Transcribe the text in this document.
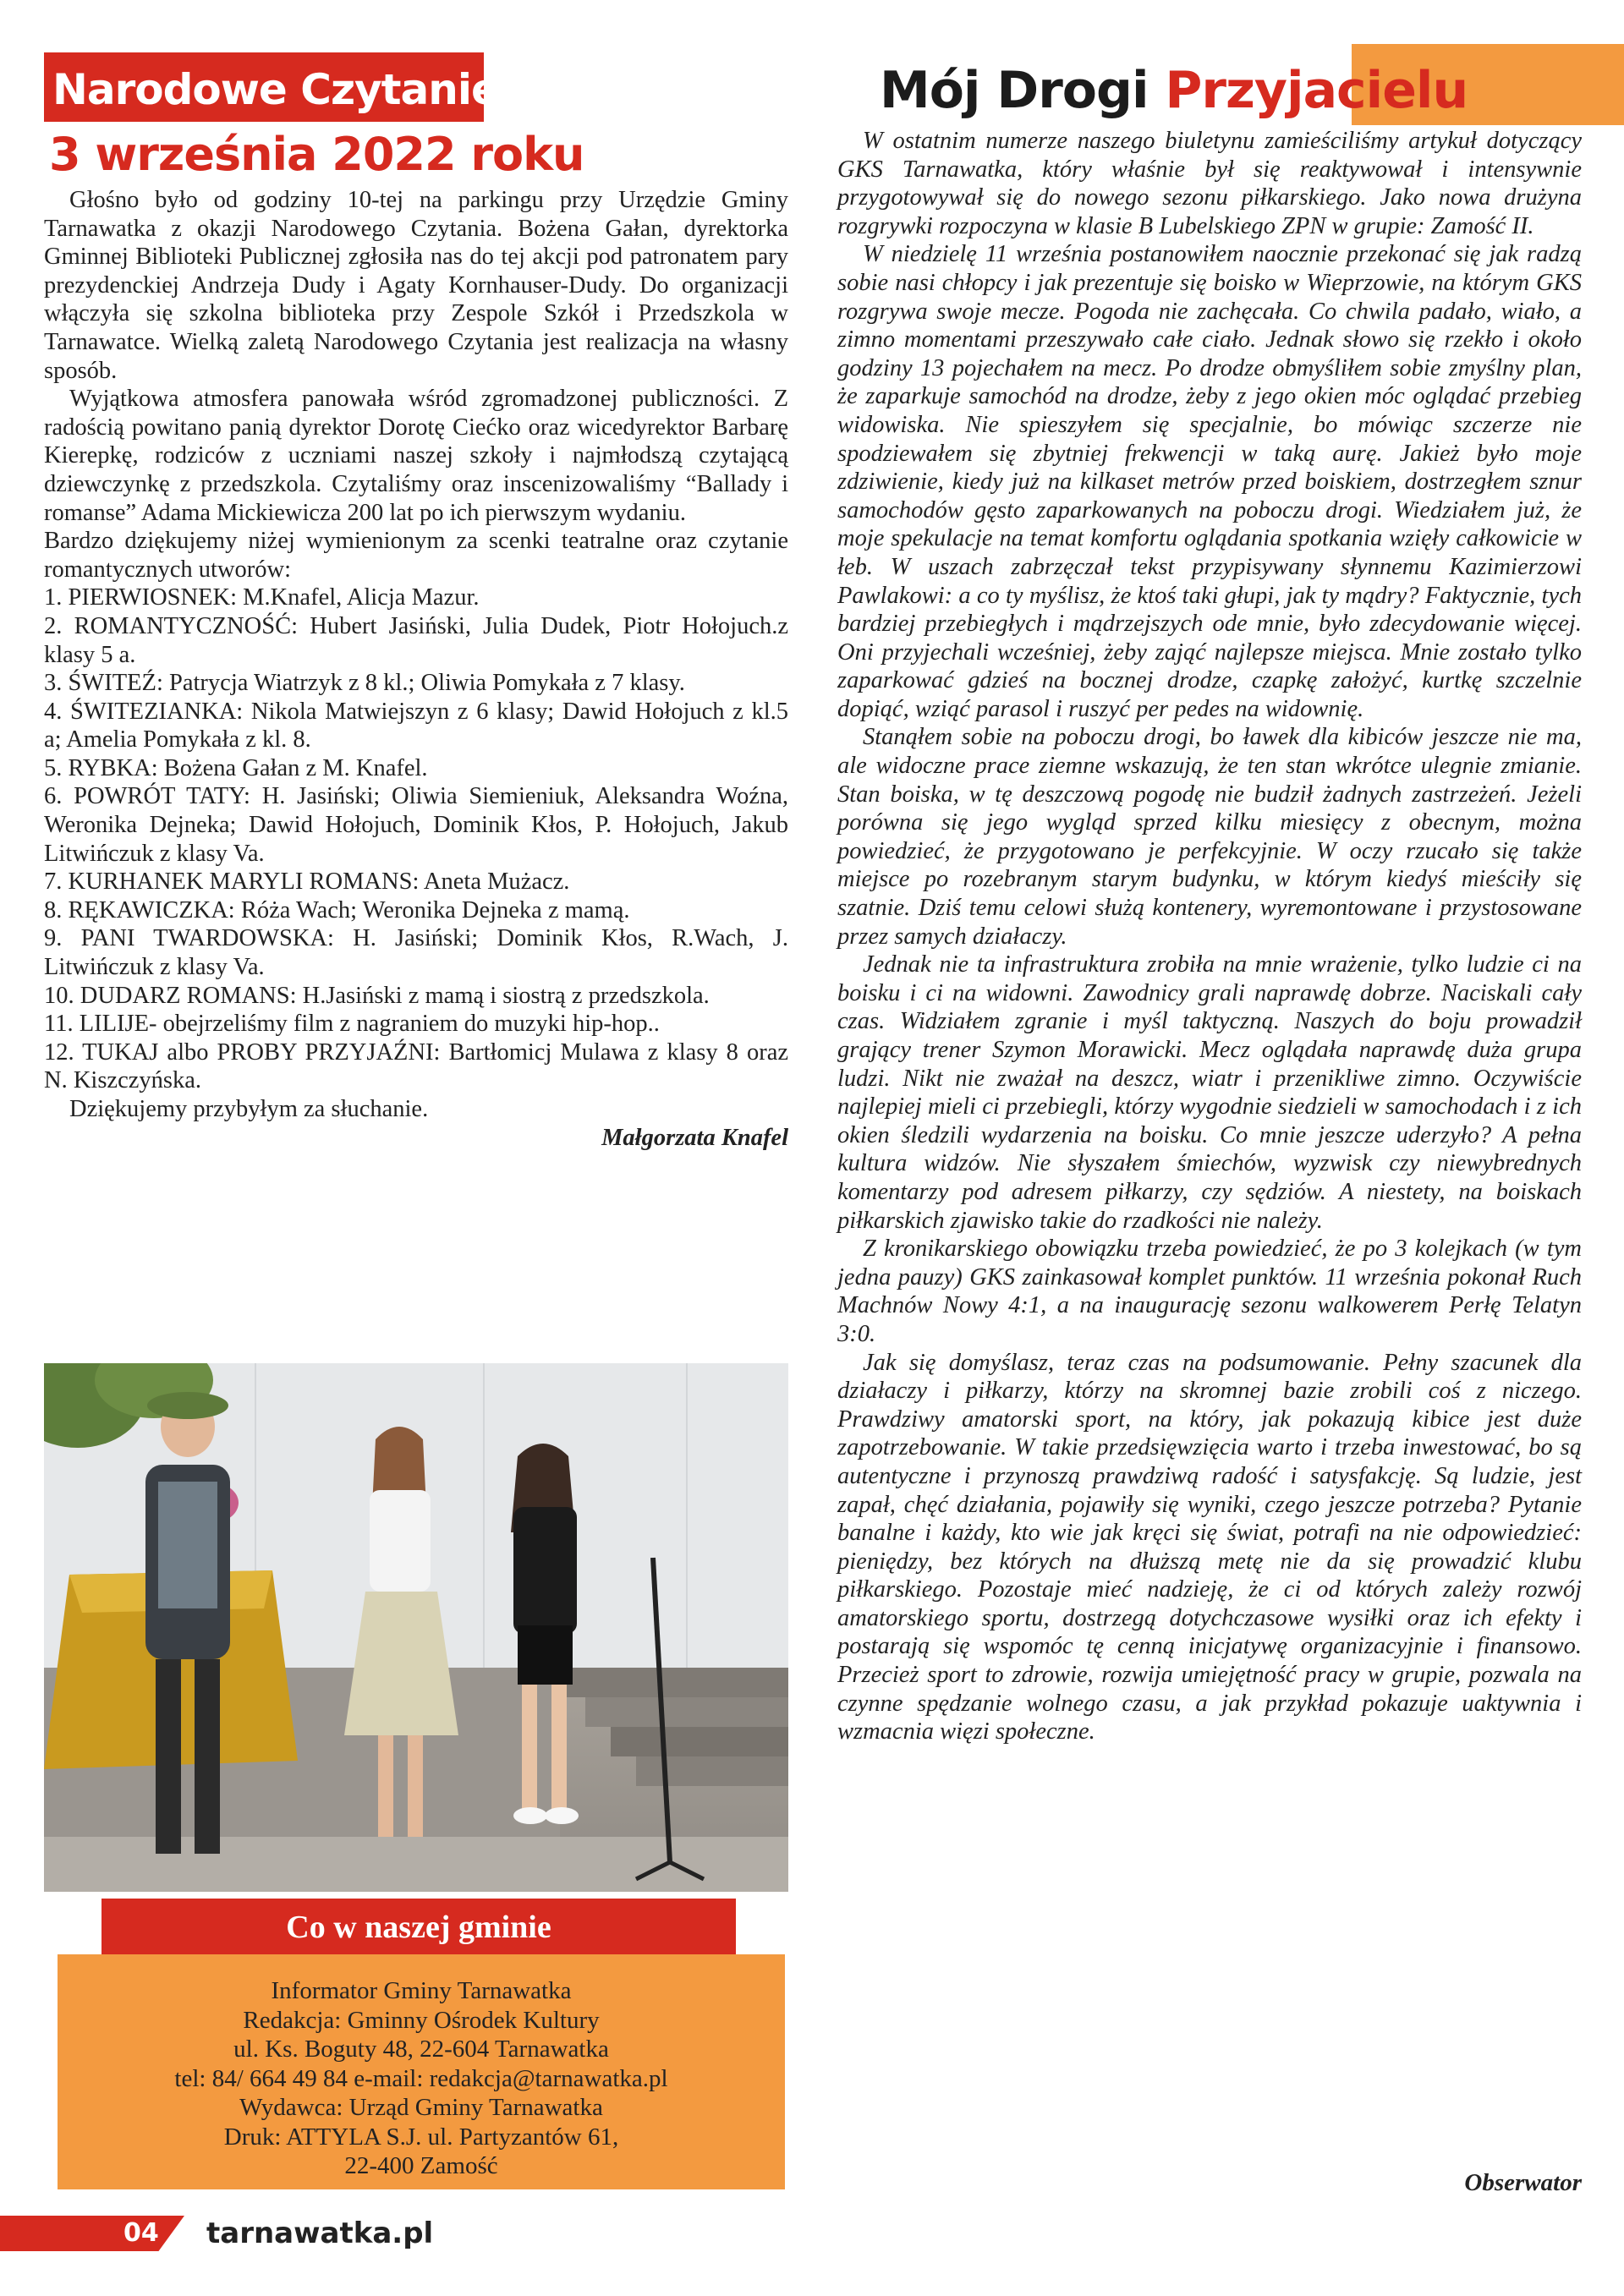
Narodowe Czytanie
3 września 2022 roku

Głośno było od godziny 10-tej na parkingu przy Urzędzie Gminy Tarnawatka z okazji Narodowego Czytania. Bożena Gałan, dyrektorka Gminnej Biblioteki Publicznej zgłosiła nas do tej akcji pod patronatem pary prezydenckiej Andrzeja Dudy i Agaty Kornhauser-Dudy. Do organizacji włączyła się szkolna biblioteka przy Zespole Szkół i Przedszkola w Tarnawatce. Wielką zaletą Narodowego Czytania jest realizacja na własny sposób.

Wyjątkowa atmosfera panowała wśród zgromadzonej publiczności. Z radością powitano panią dyrektor Dorotę Ciećko oraz wicedyrektor Barbarę Kierepkę, rodziców z uczniami naszej szkoły i najmłodszą czytającą dziewczynkę z przedszkola. Czytaliśmy oraz inscenizowaliśmy “Ballady i romanse” Adama Mickiewicza 200 lat po ich pierwszym wydaniu.

Bardzo dziękujemy niżej wymienionym za scenki teatralne oraz czytanie romantycznych utworów:

1. PIERWIOSNEK: M.Knafel, Alicja Mazur.

2. ROMANTYCZNOŚĆ: Hubert Jasiński, Julia Dudek, Piotr Hołojuch.z klasy 5 a.

3. ŚWITEŹ: Patrycja Wiatrzyk z 8 kl.; Oliwia Pomykała z 7 klasy.

4. ŚWITEZIANKA: Nikola Matwiejszyn z 6 klasy; Dawid Hołojuch z kl.5 a; Amelia Pomykała z kl. 8.

5. RYBKA: Bożena Gałan z M. Knafel.

6. POWRÓT TATY: H. Jasiński; Oliwia Siemieniuk, Aleksandra Woźna, Weronika Dejneka; Dawid Hołojuch, Dominik Kłos, P. Hołojuch, Jakub Litwińczuk z klasy Va.

7. KURHANEK MARYLI ROMANS: Aneta Mużacz.

8. RĘKAWICZKA: Róża Wach; Weronika Dejneka z mamą.

9. PANI TWARDOWSKA: H. Jasiński; Dominik Kłos, R.Wach, J. Litwińczuk z klasy Va.

10. DUDARZ ROMANS: H.Jasiński z mamą i siostrą z przedszkola.

11. LILIJE- obejrzeliśmy film z nagraniem do muzyki hip-hop..

12. TUKAJ albo PROBY PRZYJAŹNI: Bartłomicj Mulawa z klasy 8 oraz N. Kiszczyńska.

Dziękujemy przybyłym za słuchanie.

Małgorzata Knafel

Co w naszej gminie
Informator Gminy Tarnawatka
Redakcja: Gminny Ośrodek Kultury
ul. Ks. Boguty 48, 22-604 Tarnawatka
tel: 84/ 664 49 84 e-mail: redakcja@tarnawatka.pl
Wydawca: Urząd Gminy Tarnawatka
Druk: ATTYLA S.J. ul. Partyzantów 61,
22-400 Zamość
04 tarnawatka.pl
Mój Drogi Przyjacielu

W ostatnim numerze naszego biuletynu zamieściliśmy artykuł dotyczący GKS Tarnawatka, który właśnie był się reaktywował i intensywnie przygotowywał się do nowego sezonu piłkarskiego. Jako nowa drużyna rozgrywki rozpoczyna w klasie B Lubelskiego ZPN w grupie: Zamość II.

W niedzielę 11 września postanowiłem naocznie przekonać się jak radzą sobie nasi chłopcy i jak prezentuje się boisko w Wieprzowie, na którym GKS rozgrywa swoje mecze. Pogoda nie zachęcała. Co chwila padało, wiało, a zimno momentami przeszywało całe ciało. Jednak słowo się rzekło i około godziny 13 pojechałem na mecz. Po drodze obmyśliłem sobie zmyślny plan, że zaparkuje samochód na drodze, żeby z jego okien móc oglądać przebieg widowiska. Nie spieszyłem się specjalnie, bo mówiąc szczerze nie spodziewałem się zbytniej frekwencji w taką aurę. Jakież było moje zdziwienie, kiedy już na kilkaset metrów przed boiskiem, dostrzegłem sznur samochodów gęsto zaparkowanych na poboczu drogi. Wiedziałem już, że moje spekulacje na temat komfortu oglądania spotkania wzięły całkowicie w łeb. W uszach zabrzęczał tekst przypisywany słynnemu Kazimierzowi Pawlakowi: a co ty myślisz, że ktoś taki głupi, jak ty mądry? Faktycznie, tych bardziej przebiegłych i mądrzejszych ode mnie, było zdecydowanie więcej. Oni przyjechali wcześniej, żeby zająć najlepsze miejsca. Mnie zostało tylko zaparkować gdzieś na bocznej drodze, czapkę założyć, kurtkę szczelnie dopiąć, wziąć parasol i ruszyć per pedes na widownię.

Stanąłem sobie na poboczu drogi, bo ławek dla kibiców jeszcze nie ma, ale widoczne prace ziemne wskazują, że ten stan wkrótce ulegnie zmianie. Stan boiska, w tę deszczową pogodę nie budził żadnych zastrzeżeń. Jeżeli porówna się jego wygląd sprzed kilku miesięcy z obecnym, można powiedzieć, że przygotowano je perfekcyjnie. W oczy rzucało się także miejsce po rozebranym starym budynku, w którym kiedyś mieściły się szatnie. Dziś temu celowi służą kontenery, wyremontowane i przystosowane przez samych działaczy.

Jednak nie ta infrastruktura zrobiła na mnie wrażenie, tylko ludzie ci na boisku i ci na widowni. Zawodnicy grali naprawdę dobrze. Naciskali cały czas. Widziałem zgranie i myśl taktyczną. Naszych do boju prowadził grający trener Szymon Morawicki. Mecz oglądała naprawdę duża grupa ludzi. Nikt nie zważał na deszcz, wiatr i przenikliwe zimno. Oczywiście najlepiej mieli ci przebiegli, którzy wygodnie siedzieli w samochodach i z ich okien śledzili wydarzenia na boisku. Co mnie jeszcze uderzyło? A pełna kultura widzów. Nie słyszałem śmiechów, wyzwisk czy niewybrednych komentarzy pod adresem piłkarzy, czy sędziów. A niestety, na boiskach piłkarskich zjawisko takie do rzadkości nie należy.

Z kronikarskiego obowiązku trzeba powiedzieć, że po 3 kolejkach (w tym jedna pauzy) GKS zainkasował komplet punktów. 11 września pokonał Ruch Machnów Nowy 4:1, a na inaugurację sezonu walkowerem Perłę Telatyn 3:0.

Jak się domyślasz, teraz czas na podsumowanie. Pełny szacunek dla działaczy i piłkarzy, którzy na skromnej bazie zrobili coś z niczego. Prawdziwy amatorski sport, na który, jak pokazują kibice jest duże zapotrzebowanie. W takie przedsięwzięcia warto i trzeba inwestować, bo są autentyczne i przynoszą prawdziwą radość i satysfakcję. Są ludzie, jest zapał, chęć działania, pojawiły się wyniki, czego jeszcze potrzeba? Pytanie banalne i każdy, kto wie jak kręci się świat, potrafi na nie odpowiedzieć: pieniędzy, bez których na dłuższą metę nie da się prowadzić klubu piłkarskiego. Pozostaje mieć nadzieję, że ci od których zależy rozwój amatorskiego sportu, dostrzegą dotychczasowe wysiłki oraz ich efekty i postarają się wspomóc tę cenną inicjatywę organizacyjnie i finansowo. Przecież sport to zdrowie, rozwija umiejętność pracy w grupie, pozwala na czynne spędzanie wolnego czasu, a jak przykład pokazuje uaktywnia i wzmacnia więzi społeczne.

Obserwator
